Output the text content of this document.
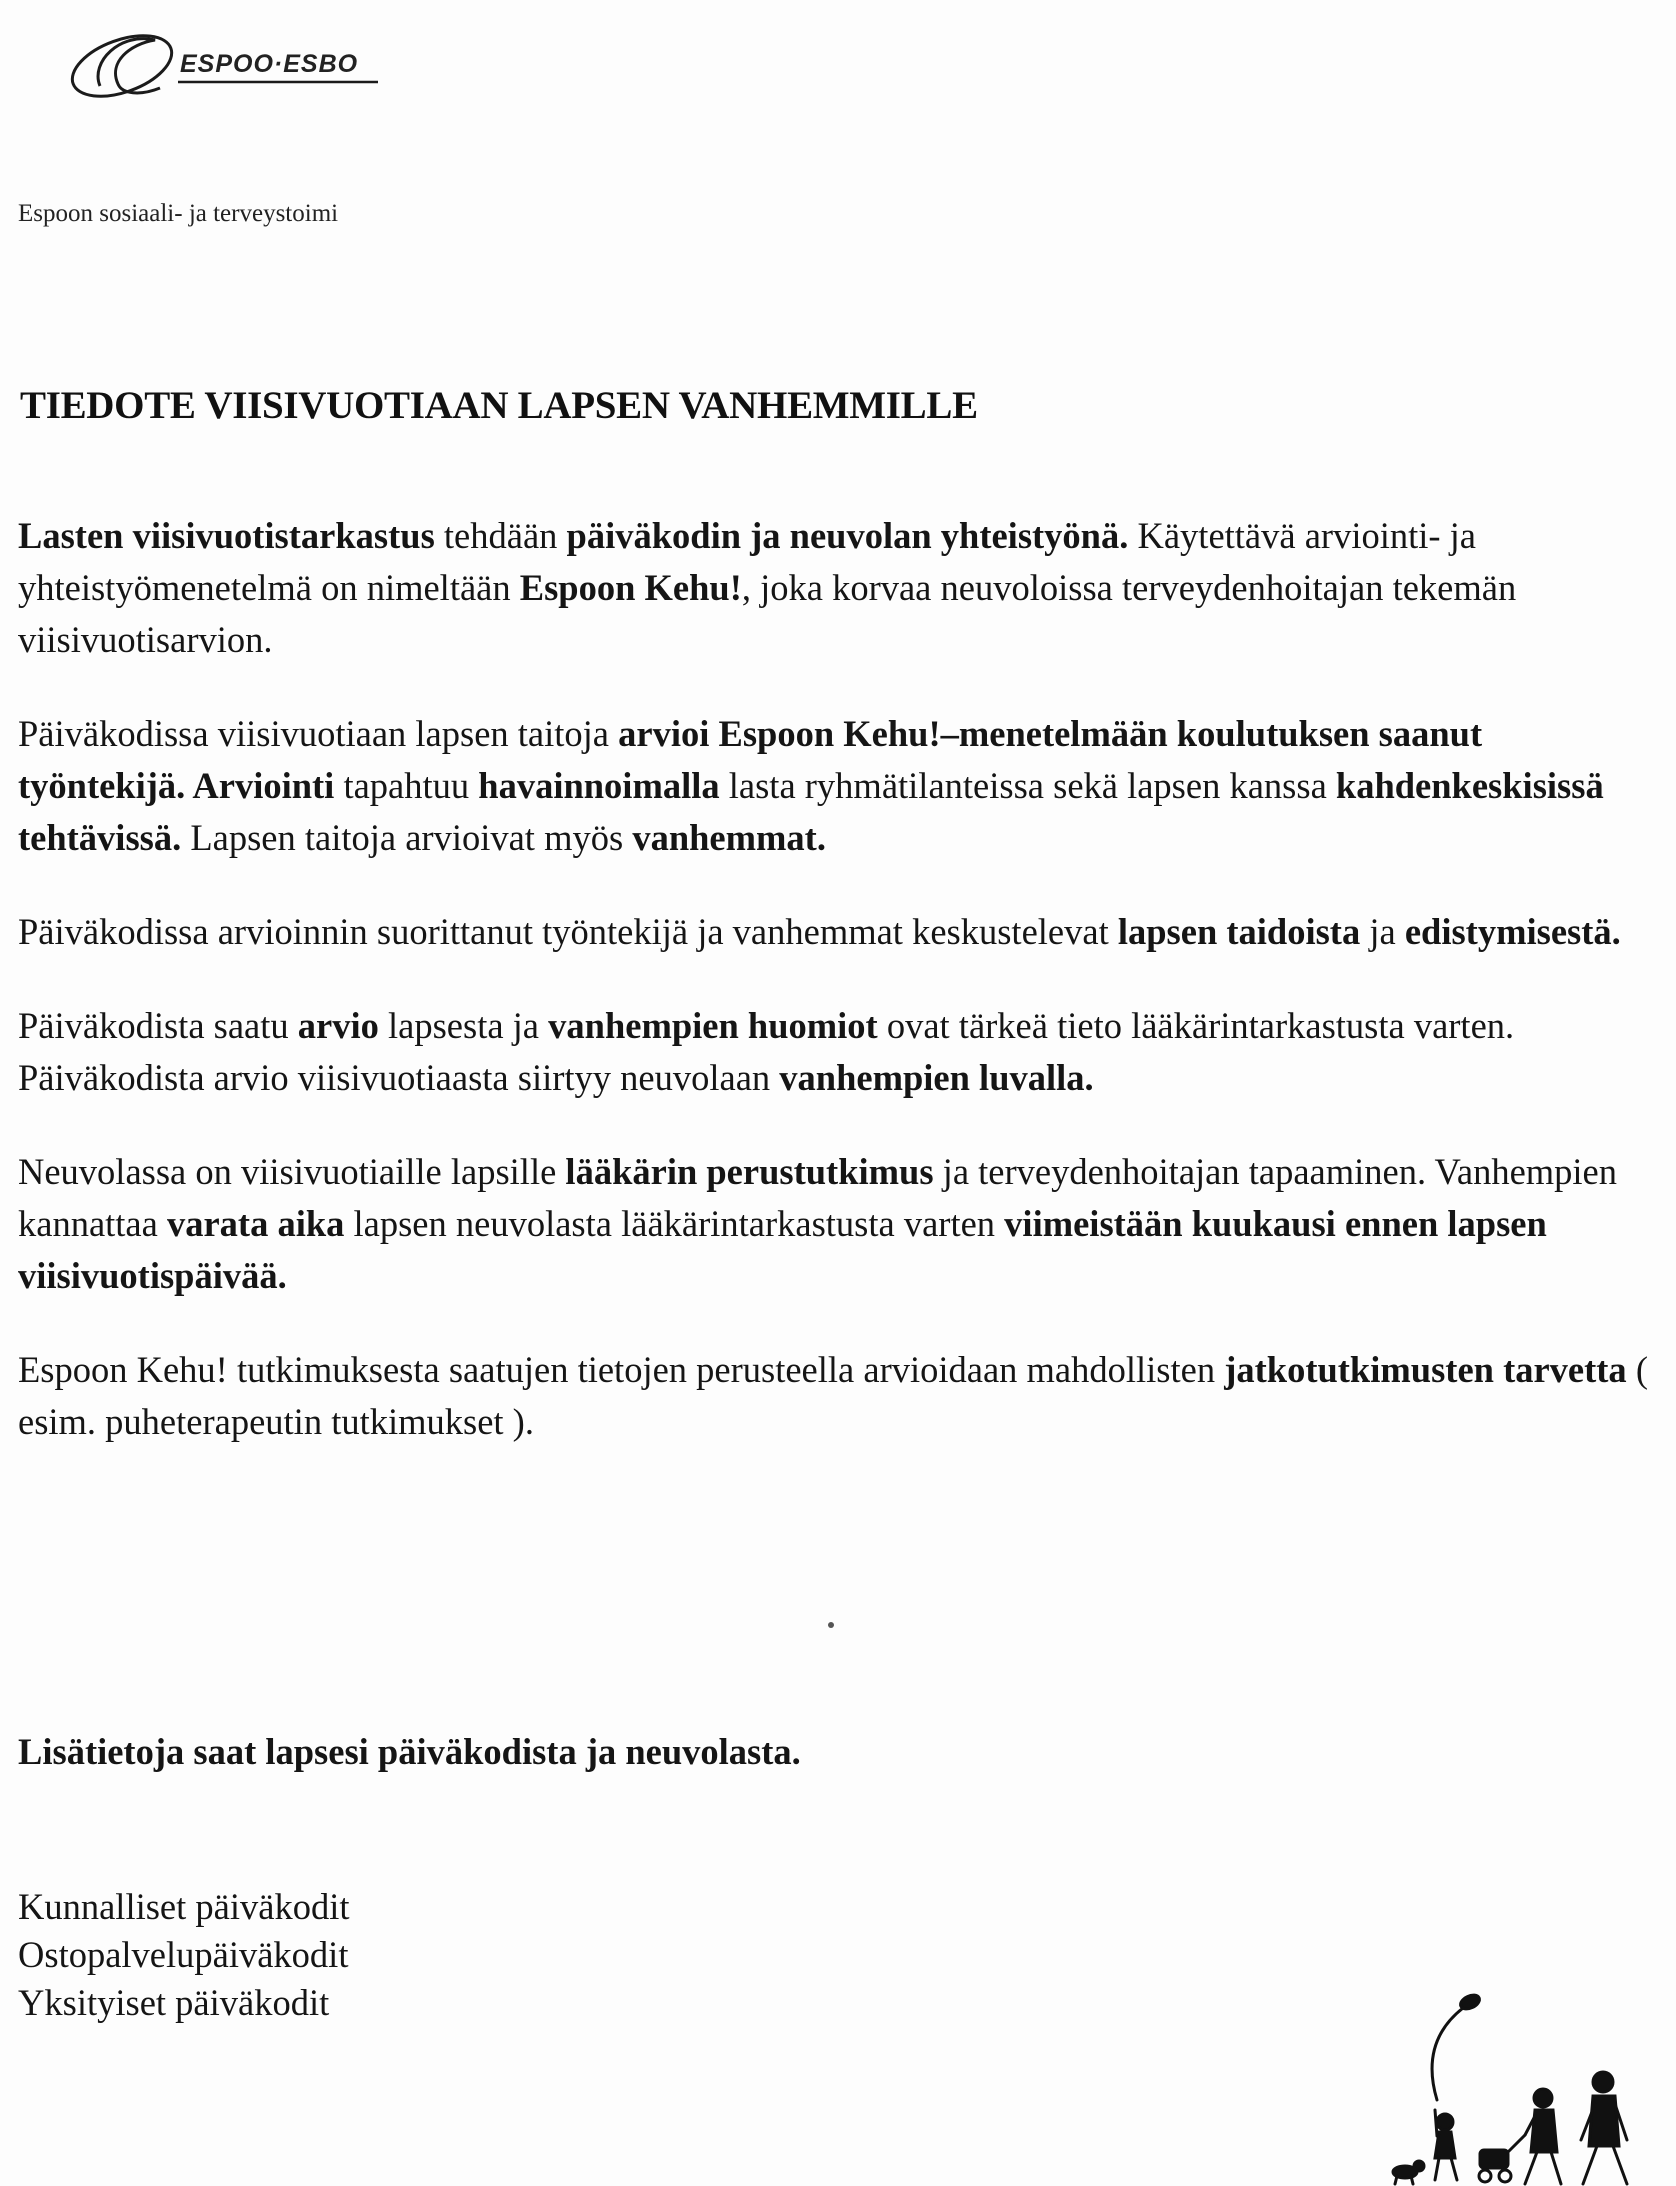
ESPOO·ESBO
Espoon sosiaali- ja terveystoimi
TIEDOTE VIISIVUOTIAAN LAPSEN VANHEMMILLE

Lasten viisivuotistarkastus tehdään päiväkodin ja neuvolan yhteistyönä. Käytettävä arviointi- ja yhteistyömenetelmä on nimeltään Espoon Kehu!, joka korvaa neuvoloissa terveydenhoitajan tekemän viisivuotisarvion.

Päiväkodissa viisivuotiaan lapsen taitoja arvioi Espoon Kehu!–menetelmään koulutuksen saanut työntekijä. Arviointi tapahtuu havainnoimalla lasta ryhmätilanteissa sekä lapsen kanssa kahdenkeskisissä tehtävissä. Lapsen taitoja arvioivat myös vanhemmat.

Päiväkodissa arvioinnin suorittanut työntekijä ja vanhemmat keskustelevat lapsen taidoista ja edistymisestä.

Päiväkodista saatu arvio lapsesta ja vanhempien huomiot ovat tärkeä tieto lääkärintarkastusta varten. Päiväkodista arvio viisivuotiaasta siirtyy neuvolaan vanhempien luvalla.

Neuvolassa on viisivuotiaille lapsille lääkärin perustutkimus ja terveydenhoitajan tapaaminen. Vanhempien kannattaa varata aika lapsen neuvolasta lääkärintarkastusta varten viimeistään kuukausi ennen lapsen viisivuotispäivää.

Espoon Kehu! tutkimuksesta saatujen tietojen perusteella arvioidaan mahdollisten jatkotutkimusten tarvetta ( esim. puheterapeutin tutkimukset ).

Lisätietoja saat lapsesi päiväkodista ja neuvolasta.

Kunnalliset päiväkodit
Ostopalvelupäiväkodit
Yksityiset päiväkodit
